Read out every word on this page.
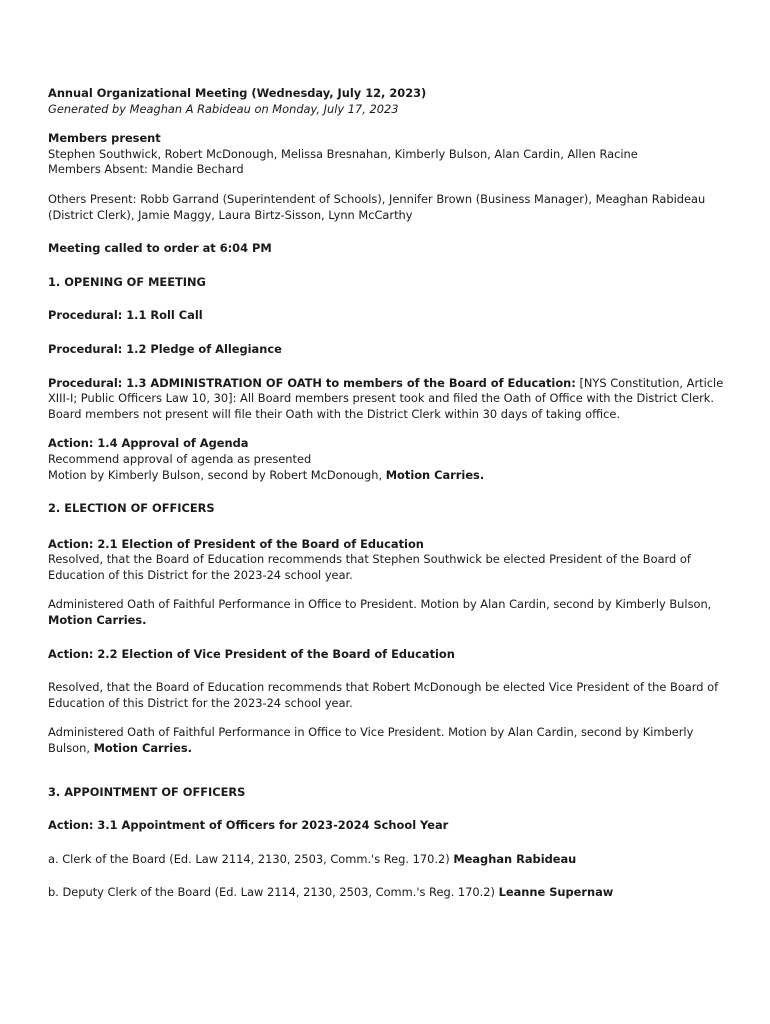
Annual Organizational Meeting (Wednesday, July 12, 2023)

Generated by Meaghan A Rabideau on Monday, July 17, 2023

Members present

Stephen Southwick, Robert McDonough, Melissa Bresnahan, Kimberly Bulson, Alan Cardin, Allen Racine

Members Absent: Mandie Bechard

Others Present: Robb Garrand (Superintendent of Schools), Jennifer Brown (Business Manager), Meaghan Rabideau (District Clerk), Jamie Maggy, Laura Birtz-Sisson, Lynn McCarthy

Meeting called to order at 6:04 PM

1. OPENING OF MEETING

Procedural: 1.1 Roll Call

Procedural: 1.2 Pledge of Allegiance

Procedural: 1.3 ADMINISTRATION OF OATH to members of the Board of Education: [NYS Constitution, Article XIII-I; Public Officers Law 10, 30]: All Board members present took and filed the Oath of Office with the District Clerk. Board members not present will file their Oath with the District Clerk within 30 days of taking office.

Action: 1.4 Approval of Agenda

Recommend approval of agenda as presented

Motion by Kimberly Bulson, second by Robert McDonough, Motion Carries.

2. ELECTION OF OFFICERS

Action: 2.1 Election of President of the Board of Education

Resolved, that the Board of Education recommends that Stephen Southwick be elected President of the Board of Education of this District for the 2023-24 school year.

Administered Oath of Faithful Performance in Office to President. Motion by Alan Cardin, second by Kimberly Bulson, Motion Carries.

Action: 2.2 Election of Vice President of the Board of Education

Resolved, that the Board of Education recommends that Robert McDonough be elected Vice President of the Board of Education of this District for the 2023-24 school year.

Administered Oath of Faithful Performance in Office to Vice President. Motion by Alan Cardin, second by Kimberly Bulson, Motion Carries.

3. APPOINTMENT OF OFFICERS

Action: 3.1 Appointment of Officers for 2023-2024 School Year

a. Clerk of the Board (Ed. Law 2114, 2130, 2503, Comm.'s Reg. 170.2) Meaghan Rabideau

b. Deputy Clerk of the Board (Ed. Law 2114, 2130, 2503, Comm.'s Reg. 170.2) Leanne Supernaw
